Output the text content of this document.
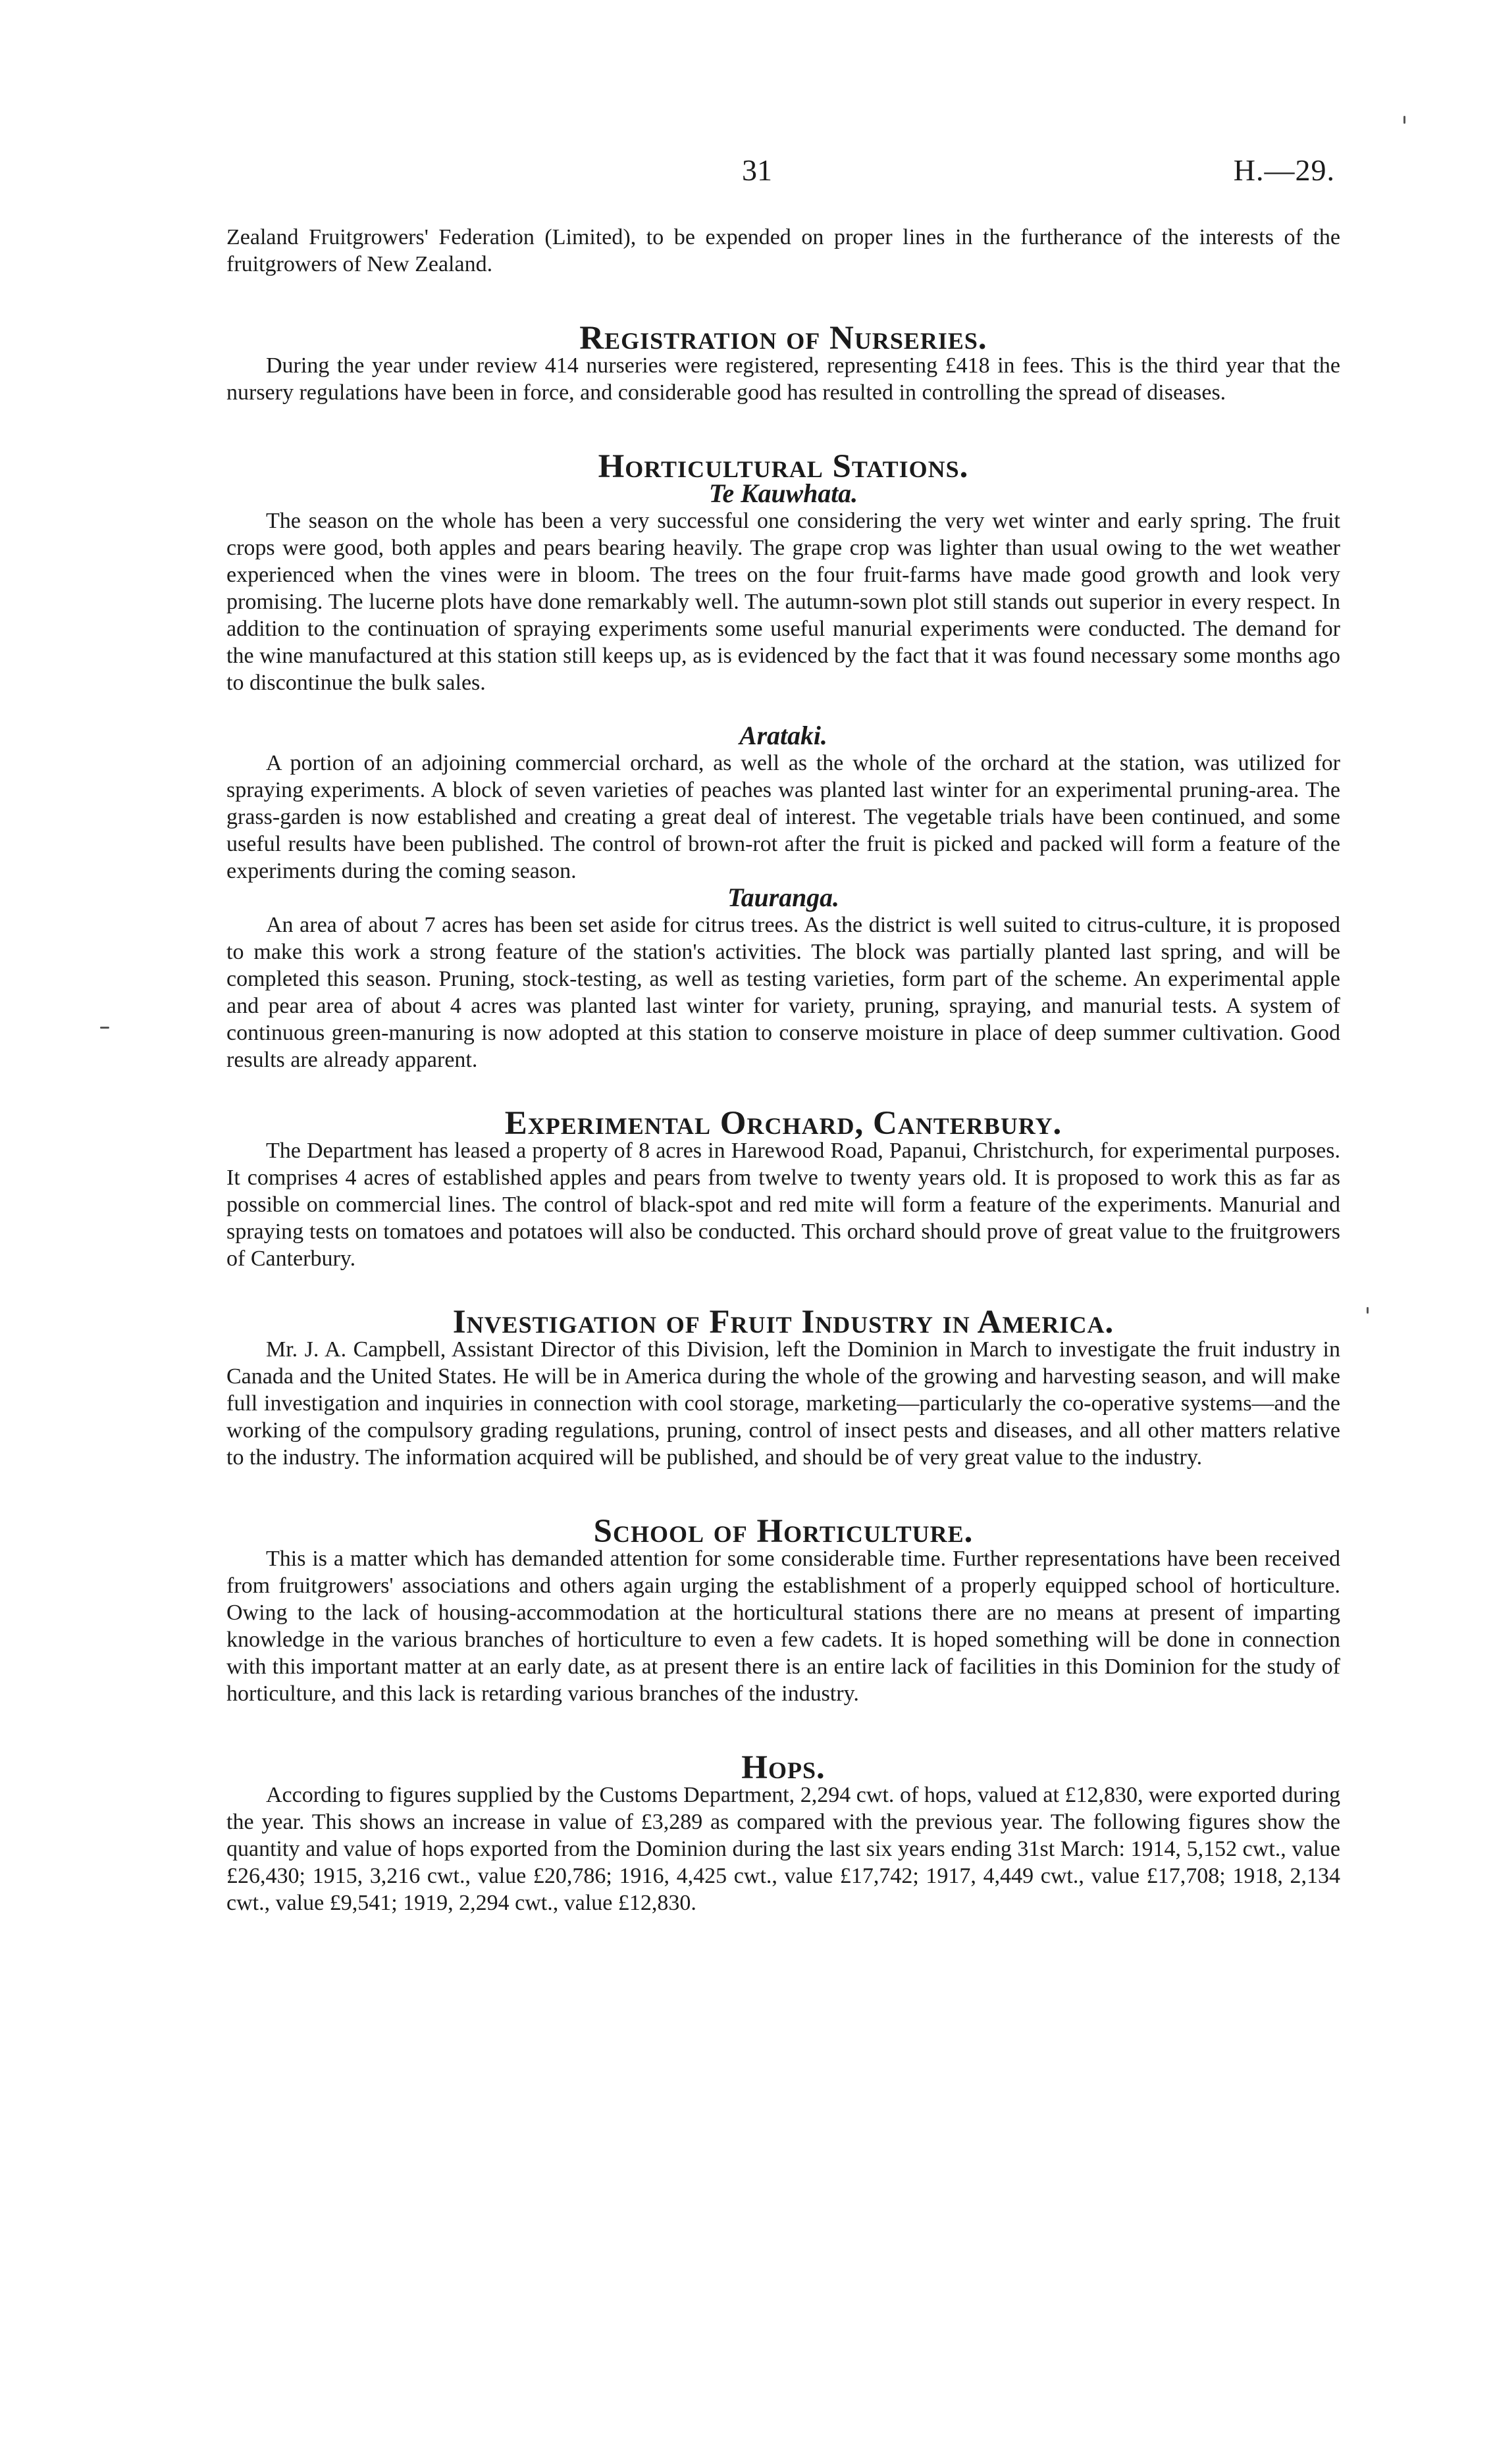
31	H.—29.

Zealand Fruitgrowers' Federation (Limited), to be expended on proper lines in the furtherance of the interests of the fruitgrowers of New Zealand.

Registration of Nurseries.

During the year under review 414 nurseries were registered, representing £418 in fees. This is the third year that the nursery regulations have been in force, and considerable good has resulted in controlling the spread of diseases.

Horticultural Stations.
Te Kauwhata.

The season on the whole has been a very successful one considering the very wet winter and early spring. The fruit crops were good, both apples and pears bearing heavily. The grape crop was lighter than usual owing to the wet weather experienced when the vines were in bloom. The trees on the four fruit-farms have made good growth and look very promising. The lucerne plots have done remarkably well. The autumn-sown plot still stands out superior in every respect. In addition to the continuation of spraying experiments some useful manurial experiments were conducted. The demand for the wine manufactured at this station still keeps up, as is evidenced by the fact that it was found necessary some months ago to discontinue the bulk sales.

Arataki.

A portion of an adjoining commercial orchard, as well as the whole of the orchard at the station, was utilized for spraying experiments. A block of seven varieties of peaches was planted last winter for an experimental pruning-area. The grass-garden is now established and creating a great deal of interest. The vegetable trials have been continued, and some useful results have been published. The control of brown-rot after the fruit is picked and packed will form a feature of the experiments during the coming season.

Tauranga.

An area of about 7 acres has been set aside for citrus trees. As the district is well suited to citrus-culture, it is proposed to make this work a strong feature of the station's activities. The block was partially planted last spring, and will be completed this season. Pruning, stock-testing, as well as testing varieties, form part of the scheme. An experimental apple and pear area of about 4 acres was planted last winter for variety, pruning, spraying, and manurial tests. A system of continuous green-manuring is now adopted at this station to conserve moisture in place of deep summer cultivation. Good results are already apparent.

Experimental Orchard, Canterbury.

The Department has leased a property of 8 acres in Harewood Road, Papanui, Christchurch, for experimental purposes. It comprises 4 acres of established apples and pears from twelve to twenty years old. It is proposed to work this as far as possible on commercial lines. The control of black-spot and red mite will form a feature of the experiments. Manurial and spraying tests on tomatoes and potatoes will also be conducted. This orchard should prove of great value to the fruitgrowers of Canterbury.

Investigation of Fruit Industry in America.

Mr. J. A. Campbell, Assistant Director of this Division, left the Dominion in March to investigate the fruit industry in Canada and the United States. He will be in America during the whole of the growing and harvesting season, and will make full investigation and inquiries in connection with cool storage, marketing—particularly the co-operative systems—and the working of the compulsory grading regulations, pruning, control of insect pests and diseases, and all other matters relative to the industry. The information acquired will be published, and should be of very great value to the industry.

School of Horticulture.

This is a matter which has demanded attention for some considerable time. Further representations have been received from fruitgrowers' associations and others again urging the establishment of a properly equipped school of horticulture. Owing to the lack of housing-accommodation at the horticultural stations there are no means at present of imparting knowledge in the various branches of horticulture to even a few cadets. It is hoped something will be done in connection with this important matter at an early date, as at present there is an entire lack of facilities in this Dominion for the study of horticulture, and this lack is retarding various branches of the industry.

Hops.

According to figures supplied by the Customs Department, 2,294 cwt. of hops, valued at £12,830, were exported during the year. This shows an increase in value of £3,289 as compared with the previous year. The following figures show the quantity and value of hops exported from the Dominion during the last six years ending 31st March: 1914, 5,152 cwt., value £26,430; 1915, 3,216 cwt., value £20,786; 1916, 4,425 cwt., value £17,742; 1917, 4,449 cwt., value £17,708; 1918, 2,134 cwt., value £9,541; 1919, 2,294 cwt., value £12,830.
